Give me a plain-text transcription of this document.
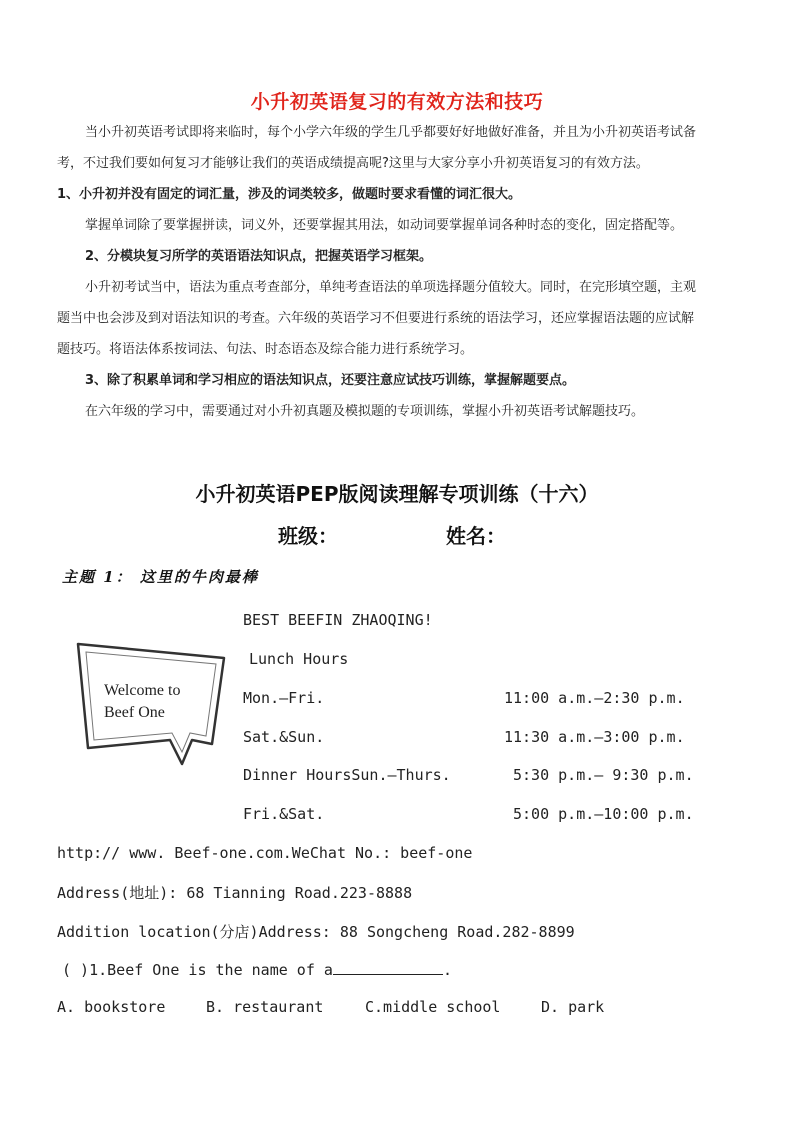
小升初英语复习的有效方法和技巧

当小升初英语考试即将来临时，每个小学六年级的学生几乎都要好好地做好准备，并且为小升初英语考试备

考，不过我们要如何复习才能够让我们的英语成绩提高呢?这里与大家分享小升初英语复习的有效方法。

1、小升初并没有固定的词汇量，涉及的词类较多，做题时要求看懂的词汇很大。

掌握单词除了要掌握拼读，词义外，还要掌握其用法，如动词要掌握单词各种时态的变化，固定搭配等。

2、分模块复习所学的英语语法知识点，把握英语学习框架。

小升初考试当中，语法为重点考查部分，单纯考查语法的单项选择题分值较大。同时，在完形填空题，主观

题当中也会涉及到对语法知识的考查。六年级的英语学习不但要进行系统的语法学习，还应掌握语法题的应试解

题技巧。将语法体系按词法、句法、时态语态及综合能力进行系统学习。

3、除了积累单词和学习相应的语法知识点，还要注意应试技巧训练，掌握解题要点。

在六年级的学习中，需要通过对小升初真题及模拟题的专项训练，掌握小升初英语考试解题技巧。

小升初英语PEP版阅读理解专项训练（十六）
班级：	姓名：
主题 1： 这里的牛肉最棒
Welcome to
Beef One
BEST BEEFIN ZHAOQING!
Lunch Hours
Mon.—Fri.	11:00 a.m.—2:30 p.m.
Sat.&Sun.	11:30 a.m.—3:00 p.m.
Dinner HoursSun.—Thurs.	5:30 p.m.— 9:30 p.m.
Fri.&Sat.	5:00 p.m.—10:00 p.m.
http:// www. Beef-one.com.WeChat No.: beef-one
Address(地址): 68 Tianning Road.223-8888
Addition location(分店)Address: 88 Songcheng Road.282-8899
( )1.Beef One is the name of a	.
A. bookstore	B. restaurant	C.middle school	D. park
